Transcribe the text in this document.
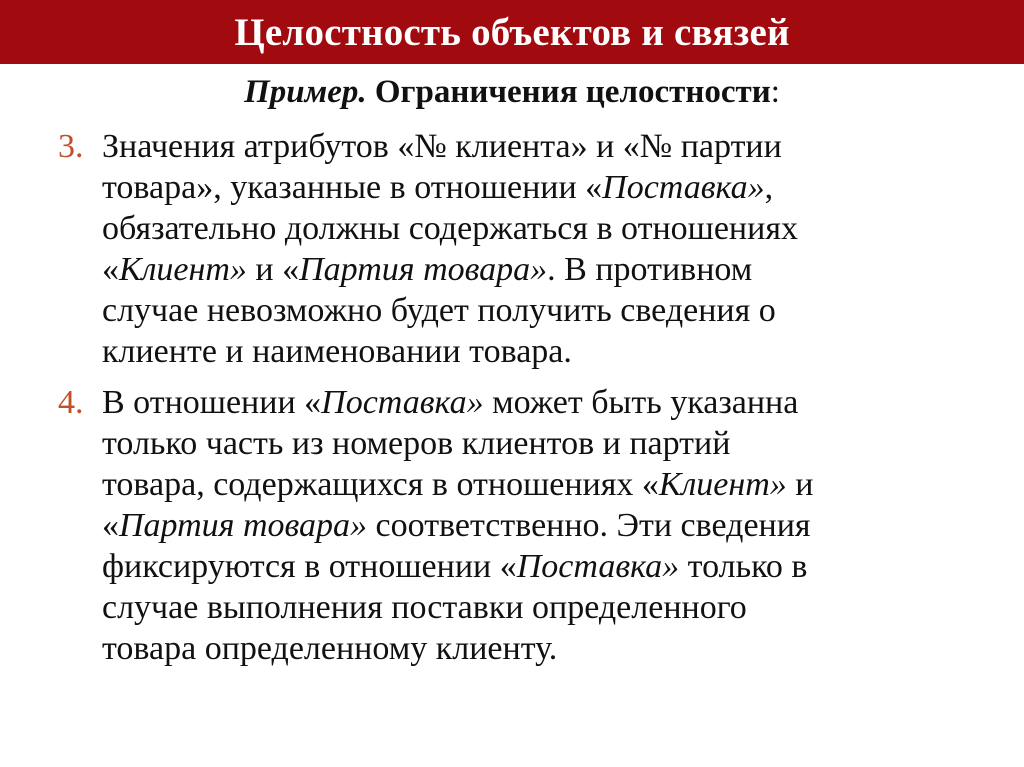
Целостность объектов и связей
Пример. Ограничения целостности:
3. Значения атрибутов «№ клиента» и «№ партии
товара», указанные в отношении «Поставка»,
обязательно должны содержаться в отношениях
«Клиент» и «Партия товара». В противном
случае невозможно будет получить сведения о
клиенте и наименовании товара.
4. В отношении «Поставка» может быть указанна
только часть из номеров клиентов и партий
товара, содержащихся в отношениях «Клиент» и
«Партия товара» соответственно. Эти сведения
фиксируются в отношении «Поставка» только в
случае выполнения поставки определенного
товара определенному клиенту.
